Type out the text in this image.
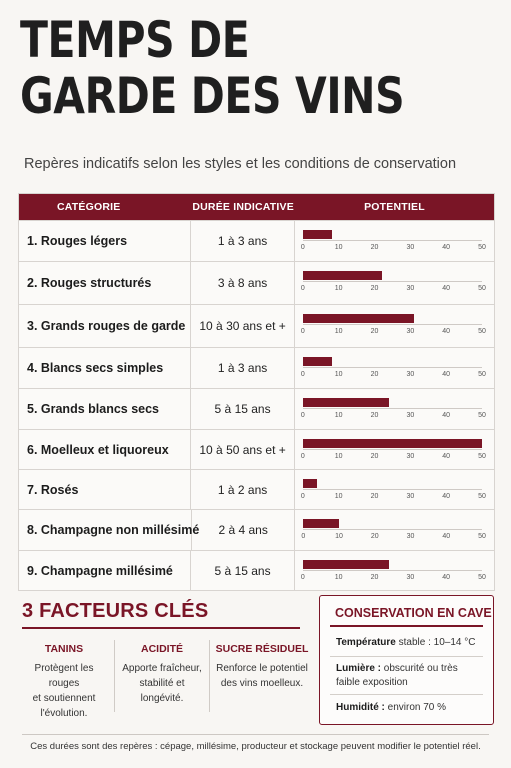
TEMPS DE
GARDE DES VINS
Repères indicatifs selon les styles et les conditions de conservation
CATÉGORIE	DURÉE INDICATIVE	POTENTIEL
1. Rouges légers	1 à 3 ans	0	10	20	30	40	50
2. Rouges structurés	3 à 8 ans	0	10	20	30	40	50
3. Grands rouges de garde	10 à 30 ans et +	0	10	20	30	40	50
4. Blancs secs simples	1 à 3 ans	0	10	20	30	40	50
5. Grands blancs secs	5 à 15 ans	0	10	20	30	40	50
6. Moelleux et liquoreux	10 à 50 ans et +	0	10	20	30	40	50
7. Rosés	1 à 2 ans	0	10	20	30	40	50
8. Champagne non millésimé	2 à 4 ans	0	10	20	30	40	50
9. Champagne millésimé	5 à 15 ans	0	10	20	30	40	50
3 FACTEURS CLÉS
TANINS

Protègent les rouges
et soutiennent
l'évolution.

ACIDITÉ

Apporte fraîcheur,
stabilité et
longévité.

SUCRE RÉSIDUEL

Renforce le potentiel
des vins moelleux.

CONSERVATION EN CAVE
Température stable : 10–14 °C
Lumière : obscurité ou très
faible exposition
Humidité : environ 70 %
Ces durées sont des repères : cépage, millésime, producteur et stockage peuvent modifier le potentiel réel.
